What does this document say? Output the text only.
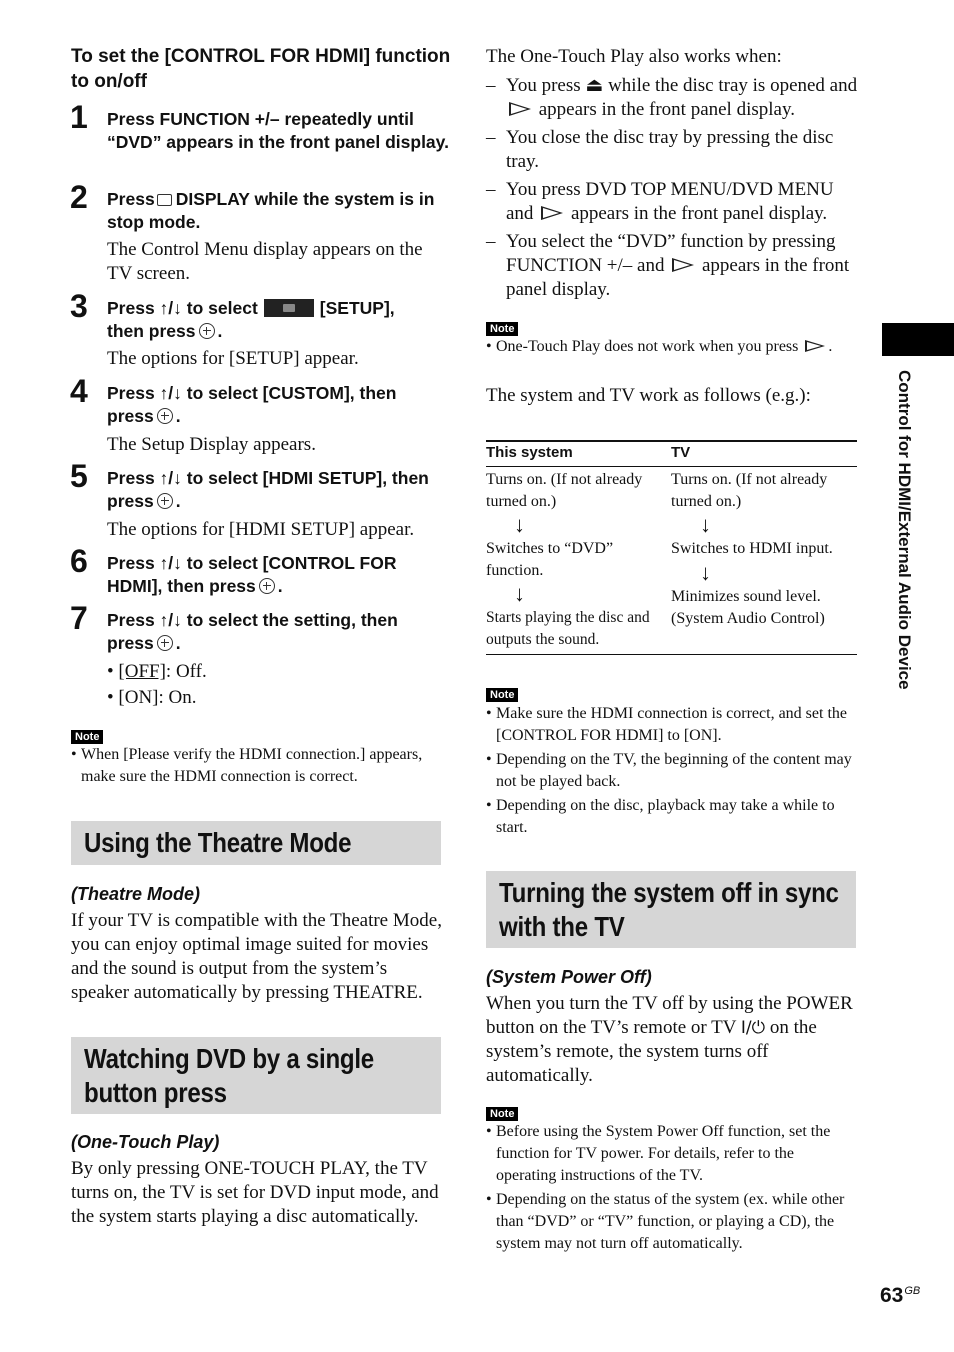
To set the [CONTROL FOR HDMI] function to on/off
1 Press FUNCTION +/– repeatedly until “DVD” appears in the front panel display.
2 Press DISPLAY while the system is in stop mode.
The Control Menu display appears on the TV screen.
3 Press ↑/↓ to select	[SETUP],
then press .
The options for [SETUP] appear.
4 Press ↑/↓ to select [CUSTOM], then
press .
The Setup Display appears.
5 Press ↑/↓ to select [HDMI SETUP], then
press .
The options for [HDMI SETUP] appear.
6 Press ↑/↓ to select [CONTROL FOR
HDMI], then press .
7 Press ↑/↓ to select the setting, then
press .
• [OFF]: Off.
• [ON]: On.
Note
• When [Please verify the HDMI connection.] appears, make sure the HDMI connection is correct.
Using the Theatre Mode
(Theatre Mode)
If your TV is compatible with the Theatre Mode, you can enjoy optimal image suited for movies and the sound is output from the system’s speaker automatically by pressing THEATRE.
Watching DVD by a single
button press
(One-Touch Play)
By only pressing ONE-TOUCH PLAY, the TV turns on, the TV is set for DVD input mode, and the system starts playing a disc automatically.
The One-Touch Play also works when:
– You press ⏏ while the disc tray is opened and  appears in the front panel display.
– You close the disc tray by pressing the disc tray.
– You press DVD TOP MENU/DVD MENU and appears in the front panel display.
– You select the “DVD” function by pressing FUNCTION +/– and appears in the front panel display.
Note
• One-Touch Play does not work when you press .
The system and TV work as follows (e.g.):
This system	TV
Turns on. (If not already turned on.)
↓
Switches to “DVD” function.
↓
Starts playing the disc and outputs the sound.
Turns on. (If not already turned on.)
↓
Switches to HDMI input.
↓
Minimizes sound level. (System Audio Control)
Note
• Make sure the HDMI connection is correct, and set the [CONTROL FOR HDMI] to [ON].
• Depending on the TV, the beginning of the content may not be played back.
• Depending on the disc, playback may take a while to start.
Turning the system off in sync
with the TV
(System Power Off)
When you turn the TV off by using the POWER button on the TV’s remote or TV I/⏻ on the system’s remote, the system turns off automatically.
Note
• Before using the System Power Off function, set the function for TV power. For details, refer to the operating instructions of the TV.
• Depending on the status of the system (ex. while other than “DVD” or “TV” function, or playing a CD), the system may not turn off automatically.
Control for HDMI/External Audio Device
$63^{GB}$
